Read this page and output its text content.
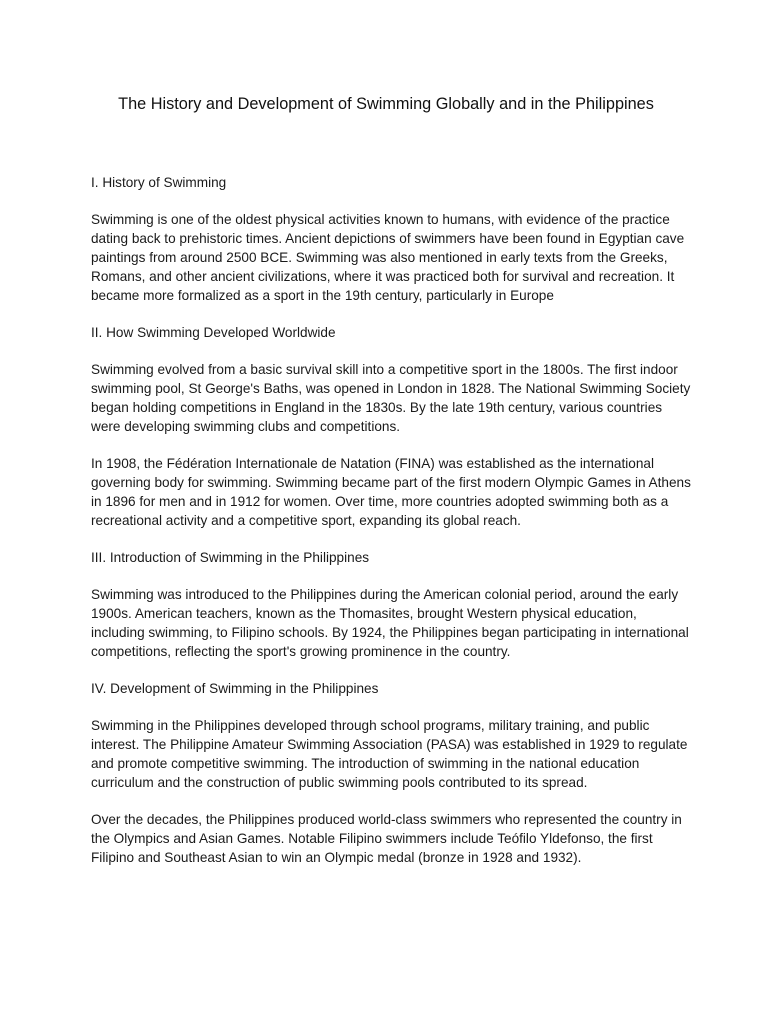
The History and Development of Swimming Globally and in the Philippines

I. History of Swimming

Swimming is one of the oldest physical activities known to humans, with evidence of the practice dating back to prehistoric times. Ancient depictions of swimmers have been found in Egyptian cave paintings from around 2500 BCE. Swimming was also mentioned in early texts from the Greeks, Romans, and other ancient civilizations, where it was practiced both for survival and recreation. It became more formalized as a sport in the 19th century, particularly in Europe

II. How Swimming Developed Worldwide

Swimming evolved from a basic survival skill into a competitive sport in the 1800s. The first indoor swimming pool, St George's Baths, was opened in London in 1828. The National Swimming Society began holding competitions in England in the 1830s. By the late 19th century, various countries were developing swimming clubs and competitions.

In 1908, the Fédération Internationale de Natation (FINA) was established as the international governing body for swimming. Swimming became part of the first modern Olympic Games in Athens in 1896 for men and in 1912 for women. Over time, more countries adopted swimming both as a recreational activity and a competitive sport, expanding its global reach.

III. Introduction of Swimming in the Philippines

Swimming was introduced to the Philippines during the American colonial period, around the early 1900s. American teachers, known as the Thomasites, brought Western physical education, including swimming, to Filipino schools. By 1924, the Philippines began participating in international competitions, reflecting the sport's growing prominence in the country.

IV. Development of Swimming in the Philippines

Swimming in the Philippines developed through school programs, military training, and public interest. The Philippine Amateur Swimming Association (PASA) was established in 1929 to regulate and promote competitive swimming. The introduction of swimming in the national education curriculum and the construction of public swimming pools contributed to its spread.

Over the decades, the Philippines produced world-class swimmers who represented the country in the Olympics and Asian Games. Notable Filipino swimmers include Teófilo Yldefonso, the first Filipino and Southeast Asian to win an Olympic medal (bronze in 1928 and 1932).
